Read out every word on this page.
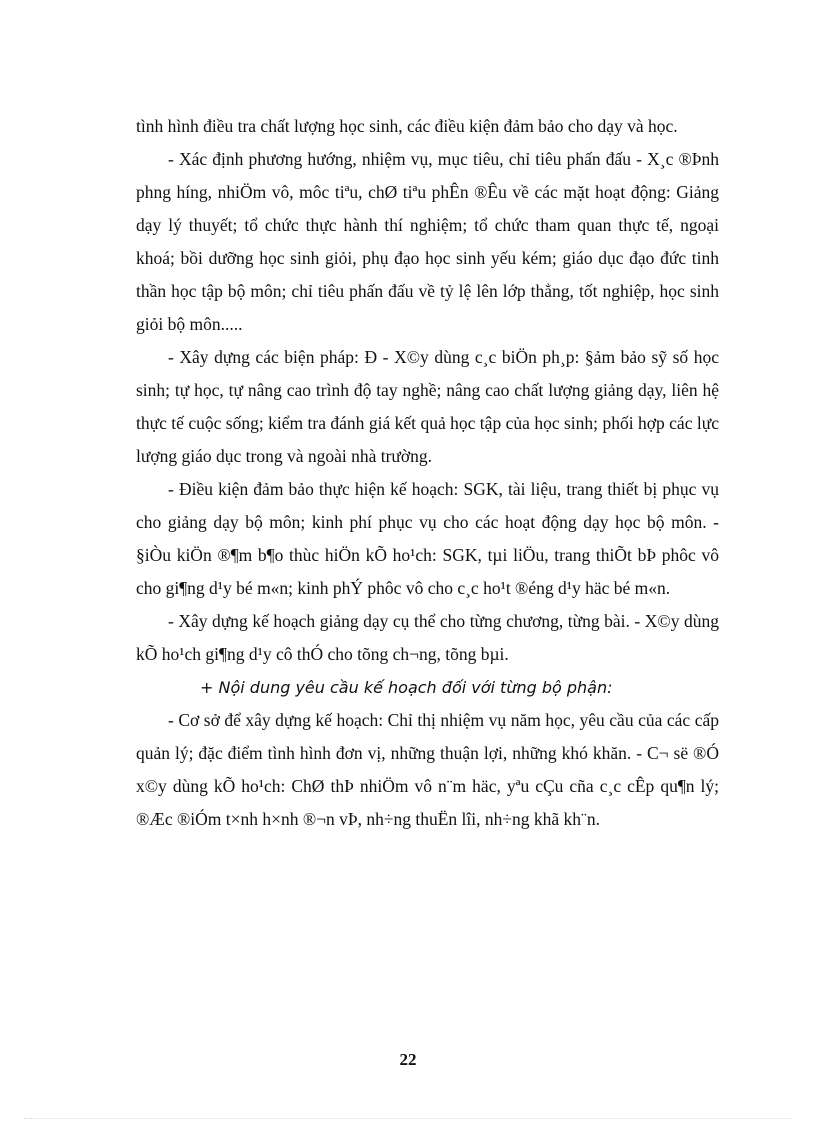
tình hình điều tra chất lượng học sinh, các điều kiện đảm bảo cho dạy và học.

- Xác định phương hướng, nhiệm vụ, mục tiêu, chỉ tiêu phấn đấu - X¸c ®Þnh phng híng, nhiÖm vô, môc tiªu, chØ tiªu phÊn ®Êu về các mặt hoạt động: Giảng dạy lý thuyết; tổ chức thực hành thí nghiệm; tổ chức tham quan thực tế, ngoại khoá; bồi dưỡng học sinh giỏi, phụ đạo học sinh yếu kém; giáo dục đạo đức tinh thần học tập bộ môn; chỉ tiêu phấn đấu về tỷ lệ lên lớp thẳng, tốt nghiệp, học sinh giỏi bộ môn.....

- Xây dựng các biện pháp: Đ - X©y dùng c¸c biÖn ph¸p: §ảm bảo sỹ số học sinh; tự học, tự nâng cao trình độ tay nghề; nâng cao chất lượng giảng dạy, liên hệ thực tế cuộc sống; kiểm tra đánh giá kết quả học tập của học sinh; phối hợp các lực lượng giáo dục trong và ngoài nhà trường.

- Điều kiện đảm bảo thực hiện kế hoạch: SGK, tài liệu, trang thiết bị phục vụ cho giảng dạy bộ môn; kinh phí phục vụ cho các hoạt động dạy học bộ môn. - §iÒu kiÖn ®¶m b¶o thùc hiÖn kÕ ho¹ch: SGK, tµi liÖu, trang thiÕt bÞ phôc vô cho gi¶ng d¹y bé m«n; kinh phÝ phôc vô cho c¸c ho¹t ®éng d¹y häc bé m«n.

- Xây dựng kế hoạch giảng dạy cụ thể cho từng chương, từng bài. - X©y dùng kÕ ho¹ch gi¶ng d¹y cô thÓ cho tõng ch¬ng, tõng bµi.

+ Nội dung yêu cầu kế hoạch đối với từng bộ phận:

- Cơ sở để xây dựng kế hoạch: Chỉ thị nhiệm vụ năm học, yêu cầu của các cấp quản lý; đặc điểm tình hình đơn vị, những thuận lợi, những khó khăn. - C¬ së ®Ó x©y dùng kÕ ho¹ch: ChØ thÞ nhiÖm vô n¨m häc, yªu cÇu cña c¸c cÊp qu¶n lý; ®Æc ®iÓm t×nh h×nh ®¬n vÞ, nh÷ng thuËn lîi, nh÷ng khã kh¨n.

22
